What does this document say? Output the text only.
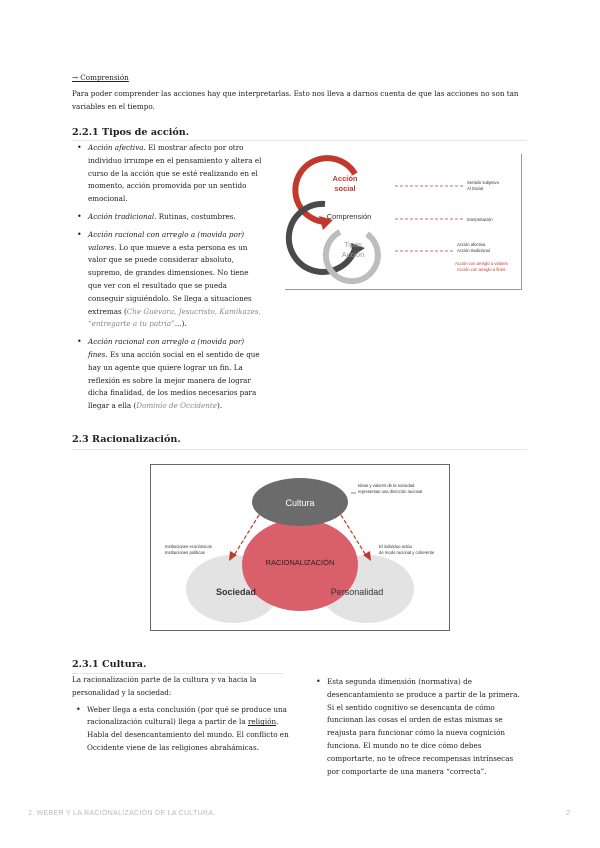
→ Comprensión
Para poder comprender las acciones hay que interpretarlas. Esto nos lleva a darnos cuenta de que las acciones no son tan variables en el tiempo.
2.2.1 Tipos de acción.
• Acción afectiva. El mostrar afecto por otro individuo irrumpe en el pensamiento y altera el curso de la acción que se esté realizando en el momento, acción promovida por un sentido emocional.
• Acción tradicional. Rutinas, costumbres.
• Acción racional con arreglo a (movida por) valores. Lo que mueve a esta persona es un valor que se puede considerar absoluto, supremo, de grandes dimensiones. No tiene que ver con el resultado que se pueda conseguir siguiéndolo. Se llega a situaciones extremas (Che Guevara, Jesucristo, Kamikazes, “entregarte a tu patria”...).
• Acción racional con arreglo a (movida por) fines. Es una acción social en el sentido de que hay un agente que quiere lograr un fin. La reflexión es sobre la mejor manera de lograr dicha finalidad, de los medios necesarios para llegar a ella (Dominio de Occidente).
Acción
social
Comprensión
Tipos
Acción
Sentido subjetivo
Al Social
Interpretación
Acción afectiva
Acción tradicional
Acción con arreglo a valores
Acción con arreglo a fines
2.3 Racionalización.
Cultura
RACIONALIZACIÓN
Sociedad	Personalidad
Ideas y valores de la sociedad
representan una dirección racional
Instituciones económicas
Instituciones políticas
El individuo actúa
de modo racional y coherente
2.3.1 Cultura.

La racionalización parte de la cultura y va hacia la personalidad y la sociedad:

• Weber llega a esta conclusión (por qué se produce una racionalización cultural) llega a partir de la religión. Habla del desencantamiento del mundo. El conflicto en Occidente viene de las religiones abrahámicas.
• Esta segunda dimensión (normativa) de desencantamiento se produce a partir de la primera. Si el sentido cognitivo se desencanta de cómo funcionan las cosas el orden de estas mismas se reajusta para funcionar cómo la nueva cognición funciona. El mundo no te dice cómo debes comportarte, no te ofrece recompensas intrínsecas por comportarte de una manera “correcta”.
2. WEBER Y LA RACIONALIZACIÓN DE LA CULTURA.	2
